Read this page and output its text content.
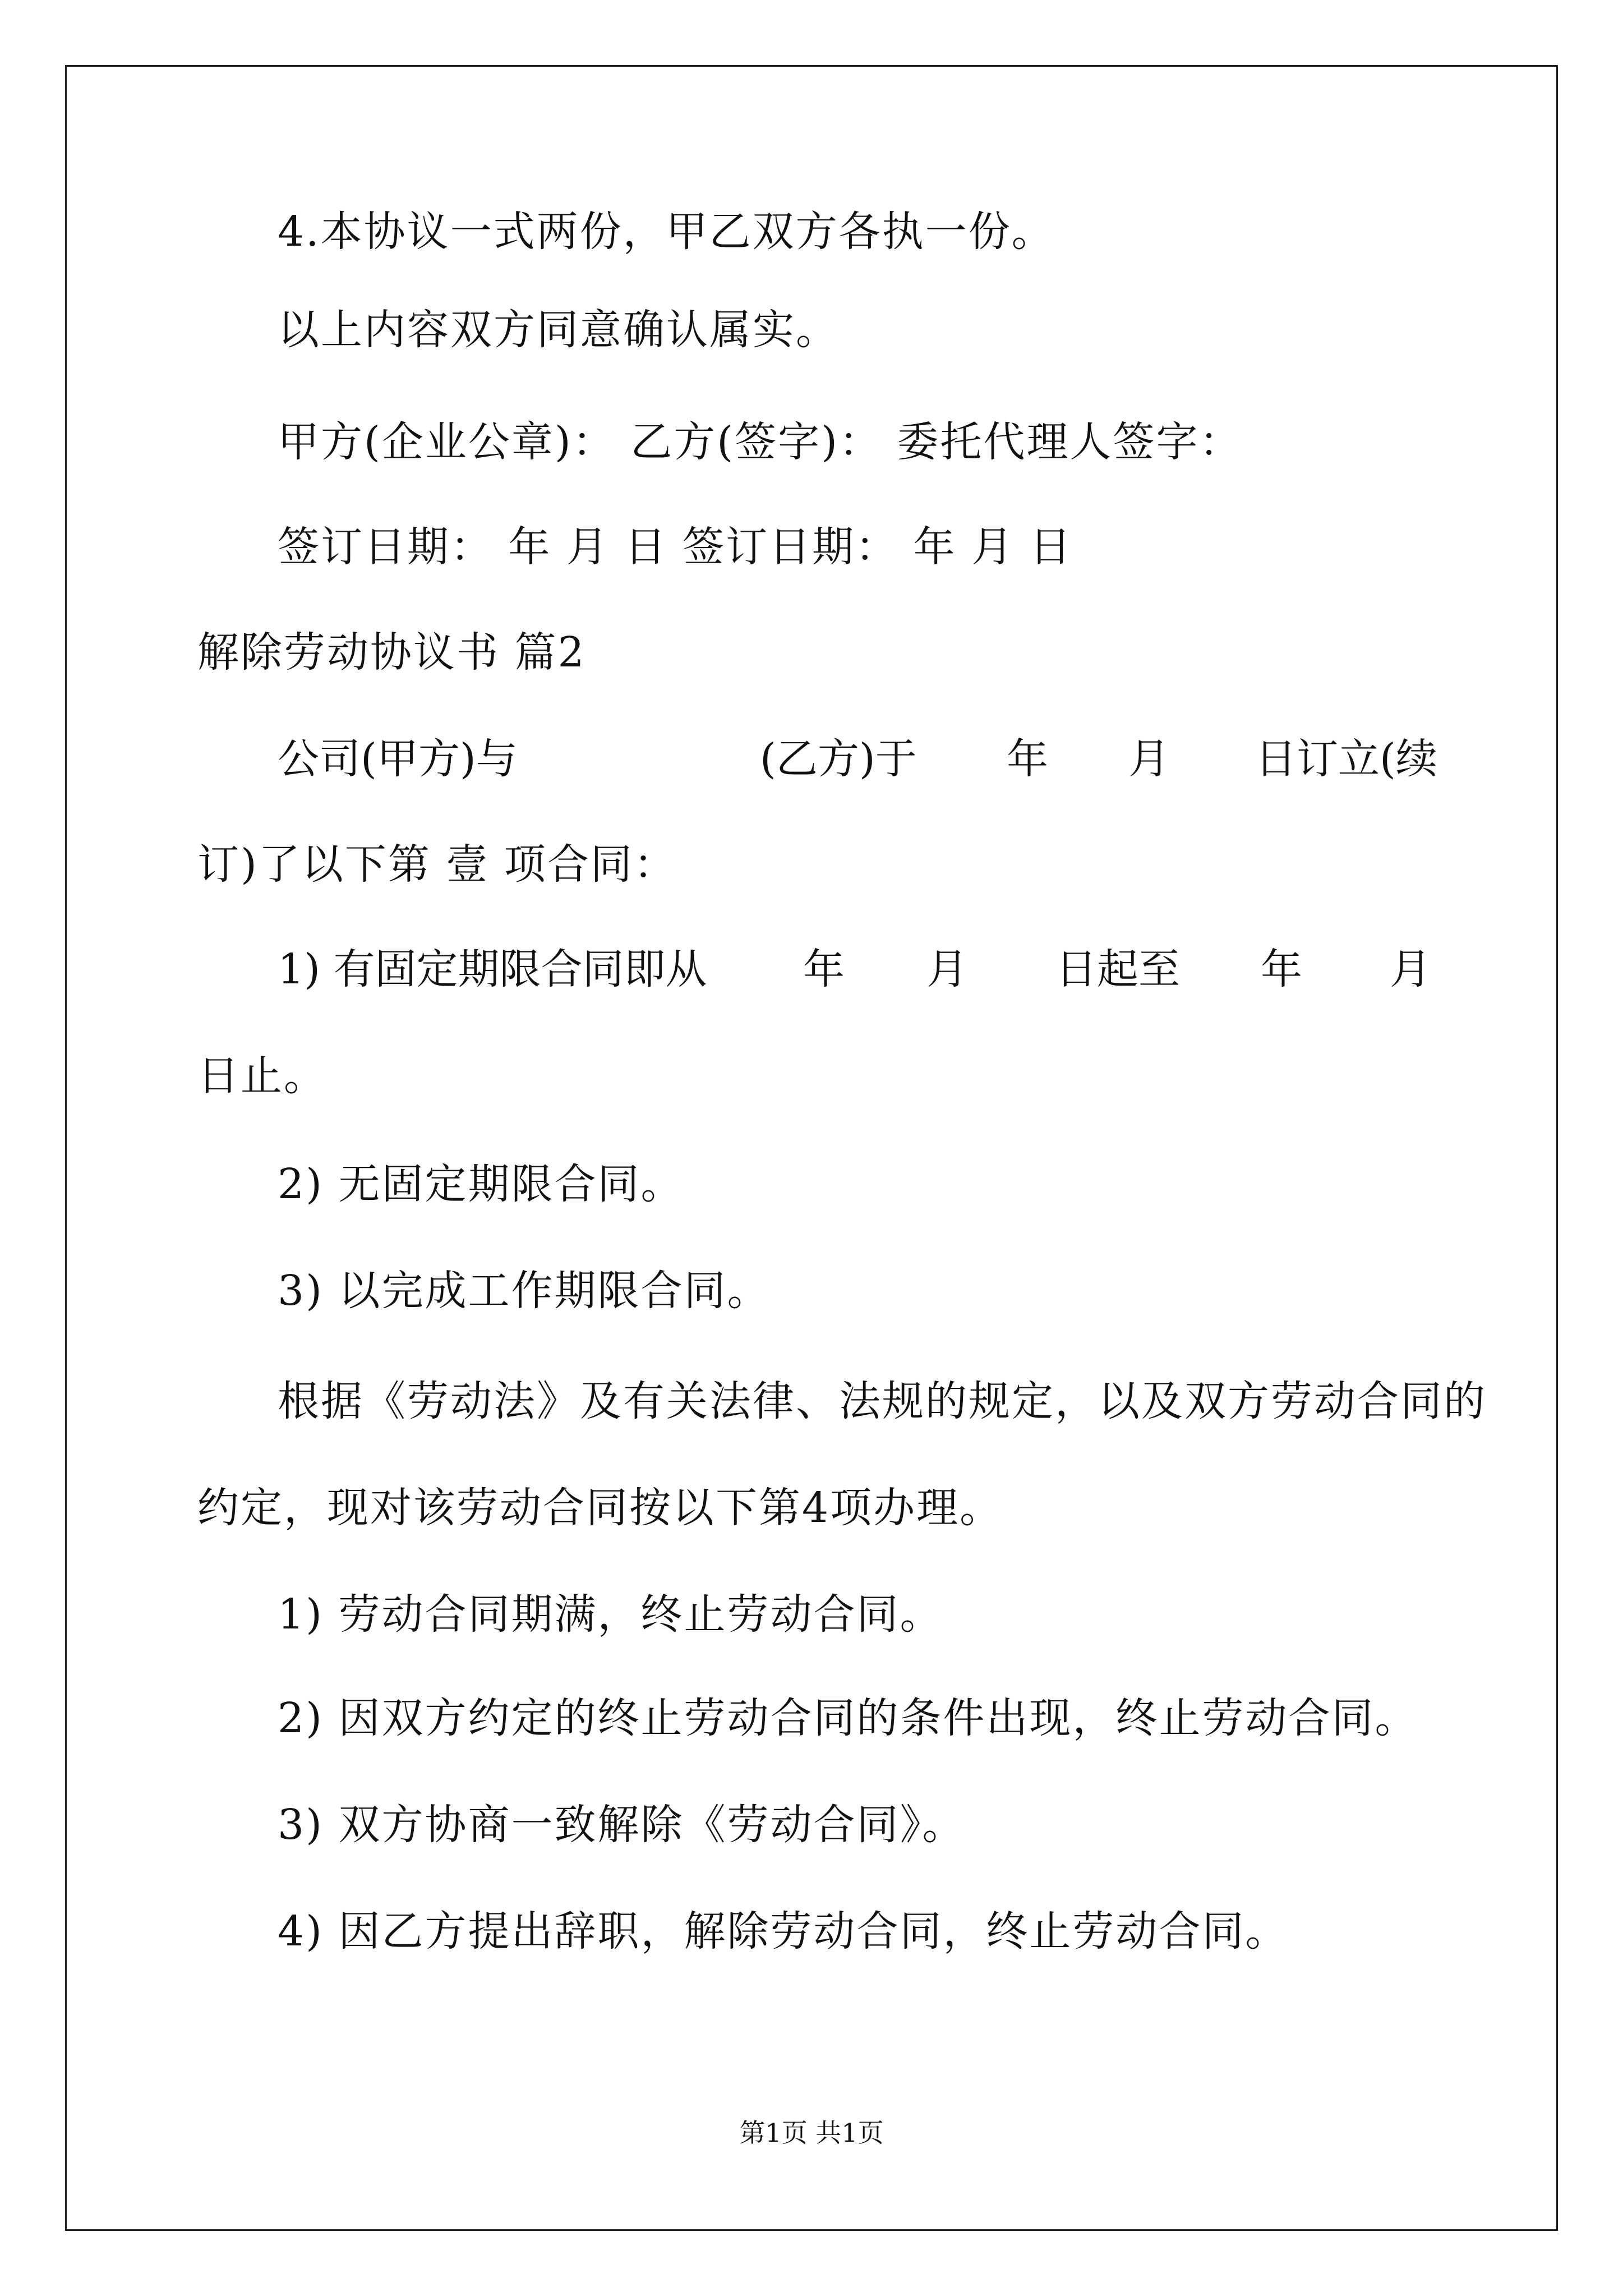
4.本协议一式两份，甲乙双方各执一份。
以上内容双方同意确认属实。
甲方(企业公章)： 乙方(签字)： 委托代理人签字：
签订日期： 年 月 日 签订日期： 年 月 日
解除劳动协议书 篇2
公司(甲方)与	(乙方)于 年 月 日订立(续
订)了以下第 壹 项合同：
1) 有固定期限合同即从 年 月 日起至 年 月
日止。
2) 无固定期限合同。
3) 以完成工作期限合同。
根据《劳动法》及有关法律、法规的规定，以及双方劳动合同的
约定，现对该劳动合同按以下第4项办理。
1) 劳动合同期满，终止劳动合同。
2) 因双方约定的终止劳动合同的条件出现，终止劳动合同。
3) 双方协商一致解除《劳动合同》。
4) 因乙方提出辞职，解除劳动合同，终止劳动合同。
第1页 共1页
